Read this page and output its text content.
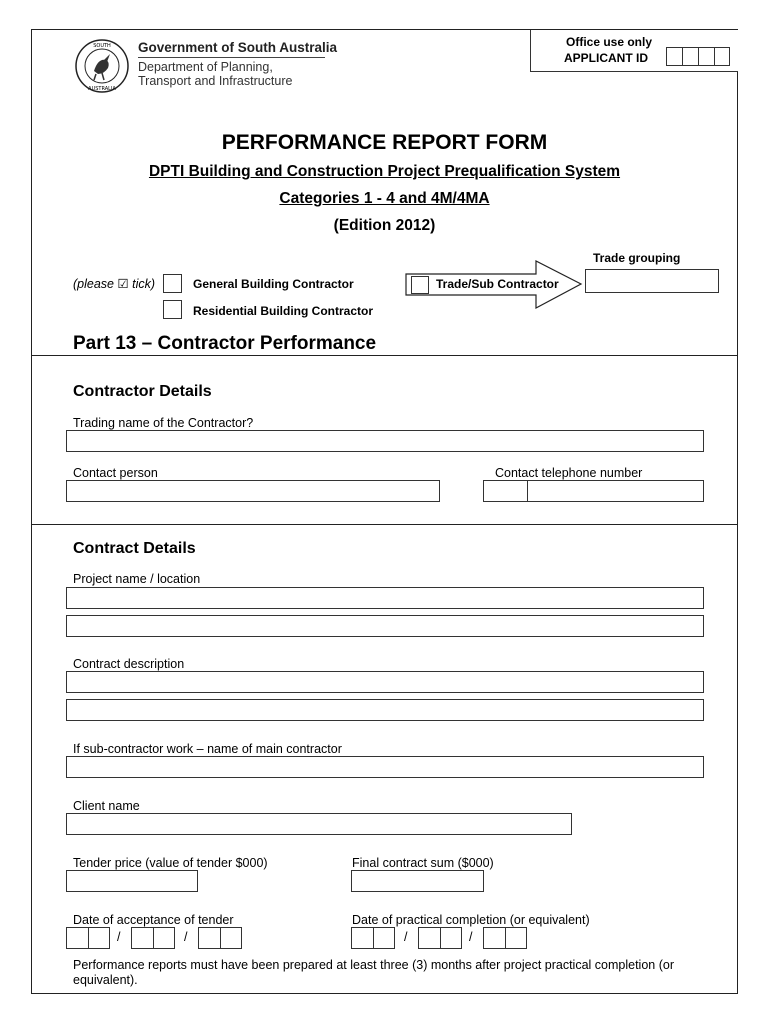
SOUTH
AUSTRALIA
Government of South Australia
Department of Planning,
Transport and Infrastructure
Office use only
APPLICANT ID
PERFORMANCE REPORT FORM
DPTI Building and Construction Project Prequalification System
Categories 1 - 4 and 4M/4MA
(Edition 2012)
Trade grouping
(please ☑ tick)	General Building Contractor	Trade/Sub Contractor
Residential Building Contractor
Part 13 – Contractor Performance
Contractor Details
Trading name of the Contractor?
Contact person	Contact telephone number
Contract Details
Project name / location
Contract description
If sub-contractor work – name of main contractor
Client name
Tender price (value of tender $000)	Final contract sum ($000)
Date of acceptance of tender
/	/
Date of practical completion (or equivalent)
/	/
Performance reports must have been prepared at least three (3) months after project practical completion (or equivalent).
